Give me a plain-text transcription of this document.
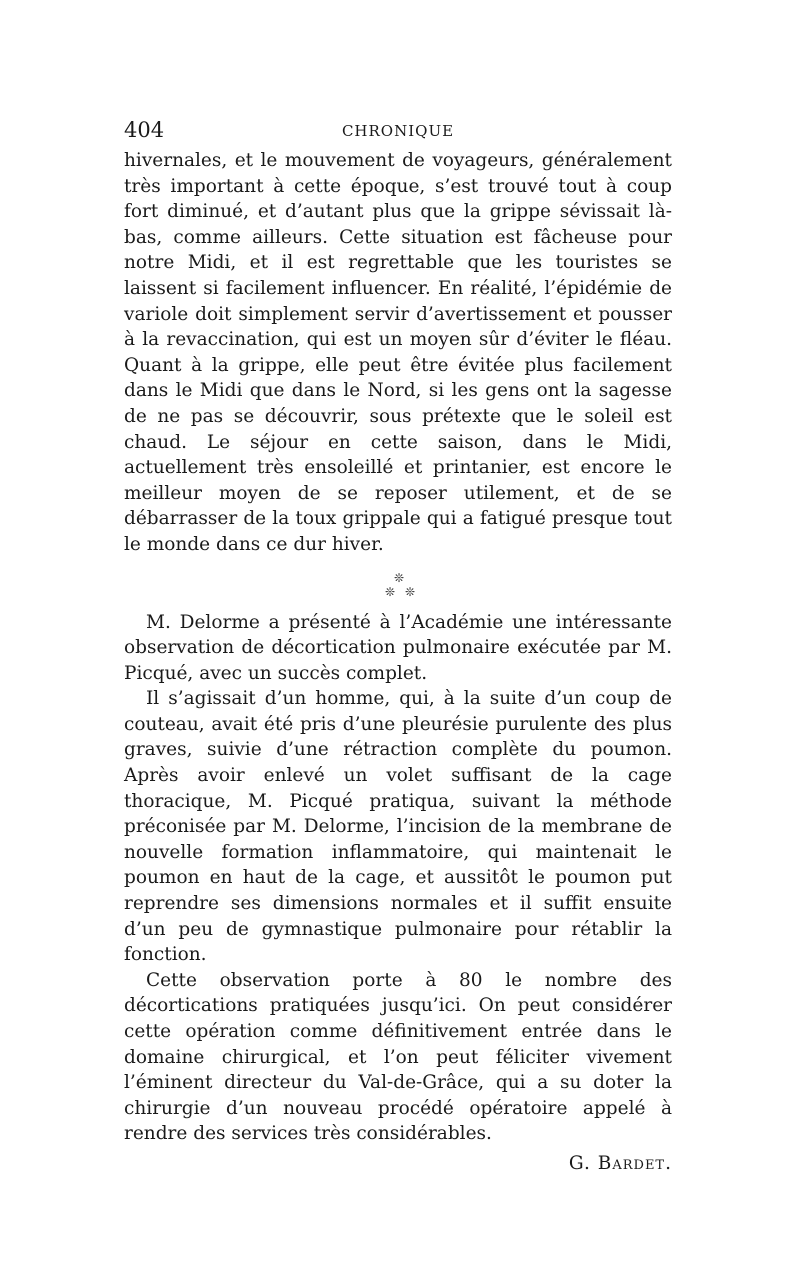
404	CHRONIQUE

hivernales, et le mouvement de voyageurs, généralement très important à cette époque, s’est trouvé tout à coup fort diminué, et d’autant plus que la grippe sévissait là-bas, comme ailleurs. Cette situation est fâcheuse pour notre Midi, et il est regrettable que les touristes se laissent si facilement influencer. En réalité, l’épidémie de variole doit simplement servir d’avertissement et pousser à la revaccination, qui est un moyen sûr d’éviter le fléau. Quant à la grippe, elle peut être évitée plus facilement dans le Midi que dans le Nord, si les gens ont la sagesse de ne pas se découvrir, sous prétexte que le soleil est chaud. Le séjour en cette saison, dans le Midi, actuellement très ensoleillé et printanier, est encore le meilleur moyen de se reposer utilement, et de se débarrasser de la toux grippale qui a fatigué presque tout le monde dans ce dur hiver.

❊
❊ ❊

M. Delorme a présenté à l’Académie une intéressante observation de décortication pulmonaire exécutée par M. Picqué, avec un succès complet.

Il s’agissait d’un homme, qui, à la suite d’un coup de couteau, avait été pris d’une pleurésie purulente des plus graves, suivie d’une rétraction complète du poumon. Après avoir enlevé un volet suffisant de la cage thoracique, M. Picqué pratiqua, suivant la méthode préconisée par M. Delorme, l’incision de la membrane de nouvelle formation inflammatoire, qui maintenait le poumon en haut de la cage, et aussitôt le poumon put reprendre ses dimensions normales et il suffit ensuite d’un peu de gymnastique pulmonaire pour rétablir la fonction.

Cette observation porte à 80 le nombre des décortications pratiquées jusqu’ici. On peut considérer cette opération comme définitivement entrée dans le domaine chirurgical, et l’on peut féliciter vivement l’éminent directeur du Val-de-Grâce, qui a su doter la chirurgie d’un nouveau procédé opératoire appelé à rendre des services très considérables.

G. Bardet.
